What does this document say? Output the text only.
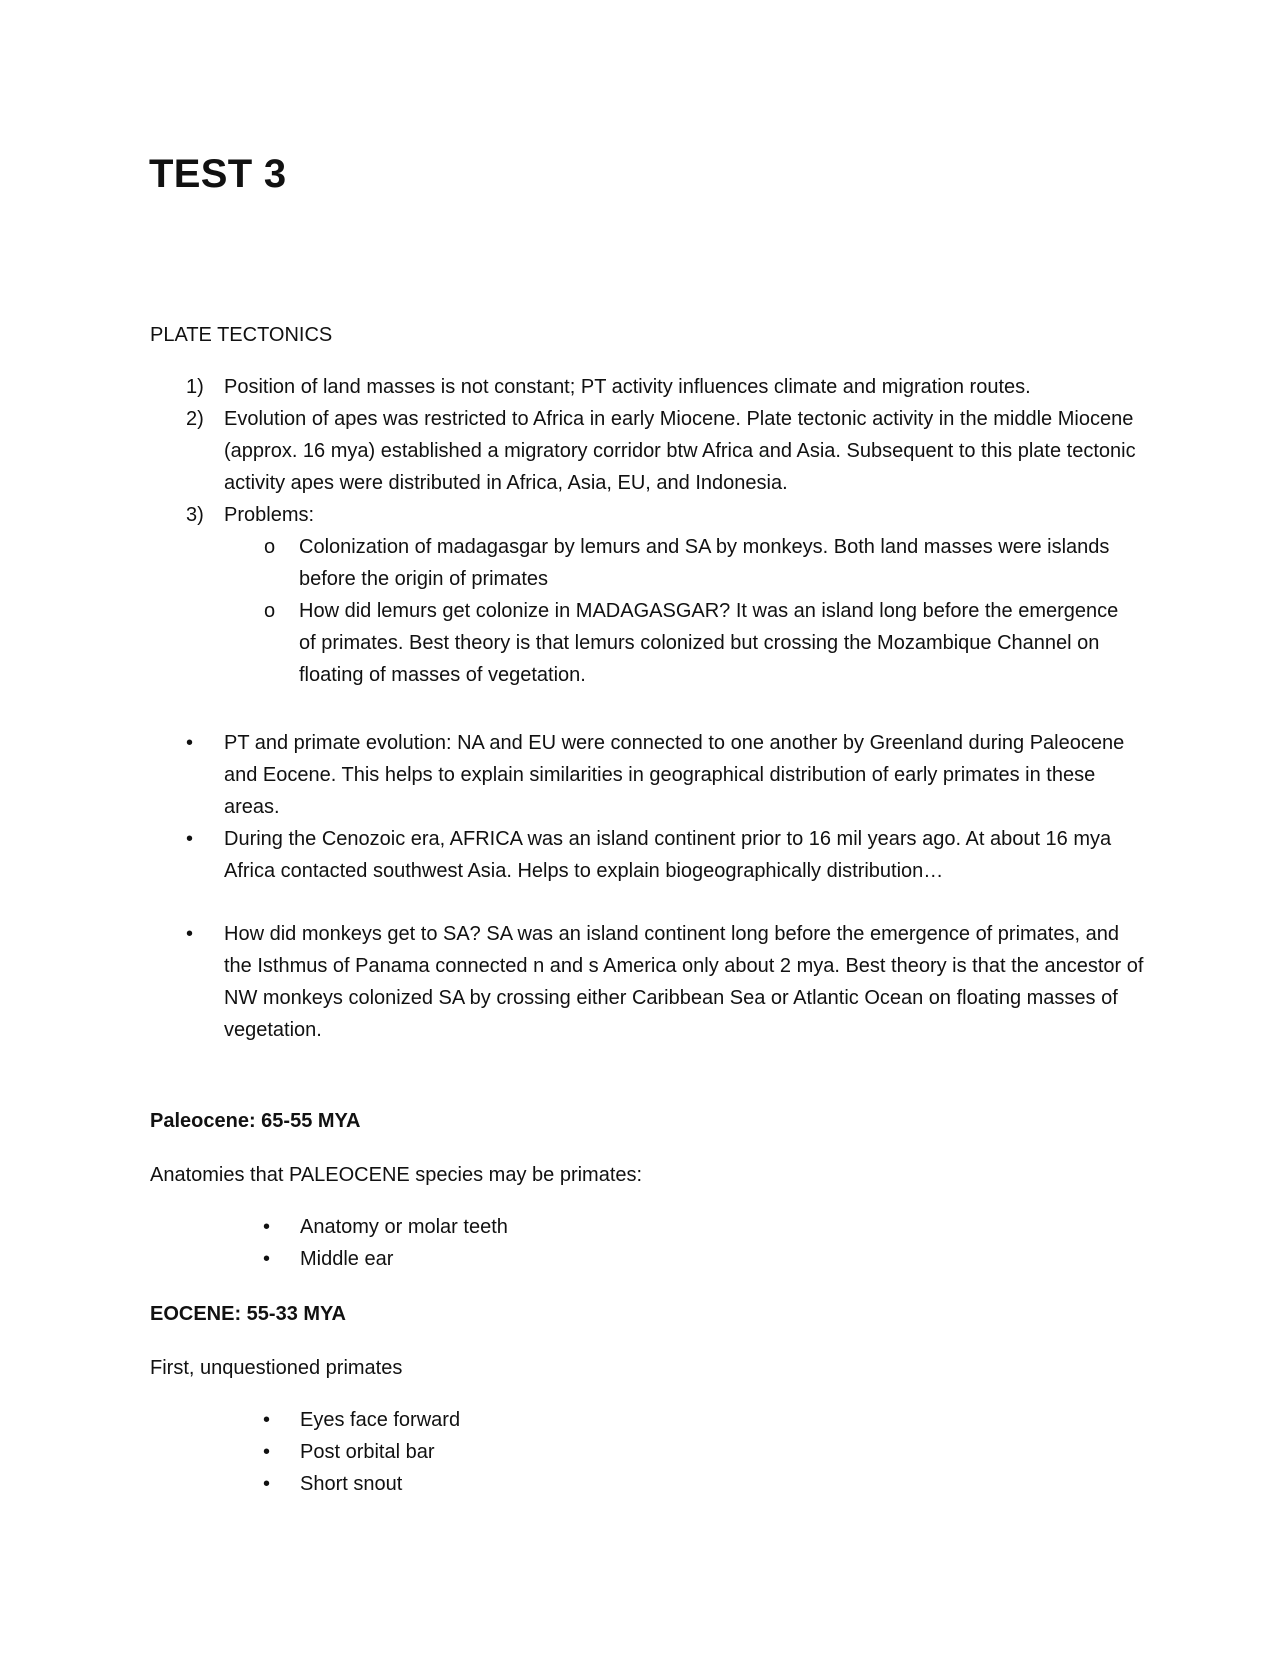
TEST 3

PLATE TECTONICS

1)	Position of land masses is not constant; PT activity influences climate and migration routes.
2)	Evolution of apes was restricted to Africa in early Miocene. Plate tectonic activity in the middle Miocene (approx. 16 mya) established a migratory corridor btw Africa and Asia. Subsequent to this plate tectonic activity apes were distributed in Africa, Asia, EU, and Indonesia.
3)	Problems:
o Colonization of madagasgar by lemurs and SA by monkeys. Both land masses were islands before the origin of primates
o How did lemurs get colonize in MADAGASGAR? It was an island long before the emergence of primates. Best theory is that lemurs colonized but crossing the Mozambique Channel on floating of masses of vegetation.
• PT and primate evolution: NA and EU were connected to one another by Greenland during Paleocene and Eocene. This helps to explain similarities in geographical distribution of early primates in these areas.
• During the Cenozoic era, AFRICA was an island continent prior to 16 mil years ago. At about 16 mya Africa contacted southwest Asia. Helps to explain biogeographically distribution…
• How did monkeys get to SA? SA was an island continent long before the emergence of primates, and the Isthmus of Panama connected n and s America only about 2 mya. Best theory is that the ancestor of NW monkeys colonized SA by crossing either Caribbean Sea or Atlantic Ocean on floating masses of vegetation.

Paleocene: 65-55 MYA

Anatomies that PALEOCENE species may be primates:

• Anatomy or molar teeth
• Middle ear

EOCENE: 55-33 MYA

First, unquestioned primates

• Eyes face forward
• Post orbital bar
• Short snout
